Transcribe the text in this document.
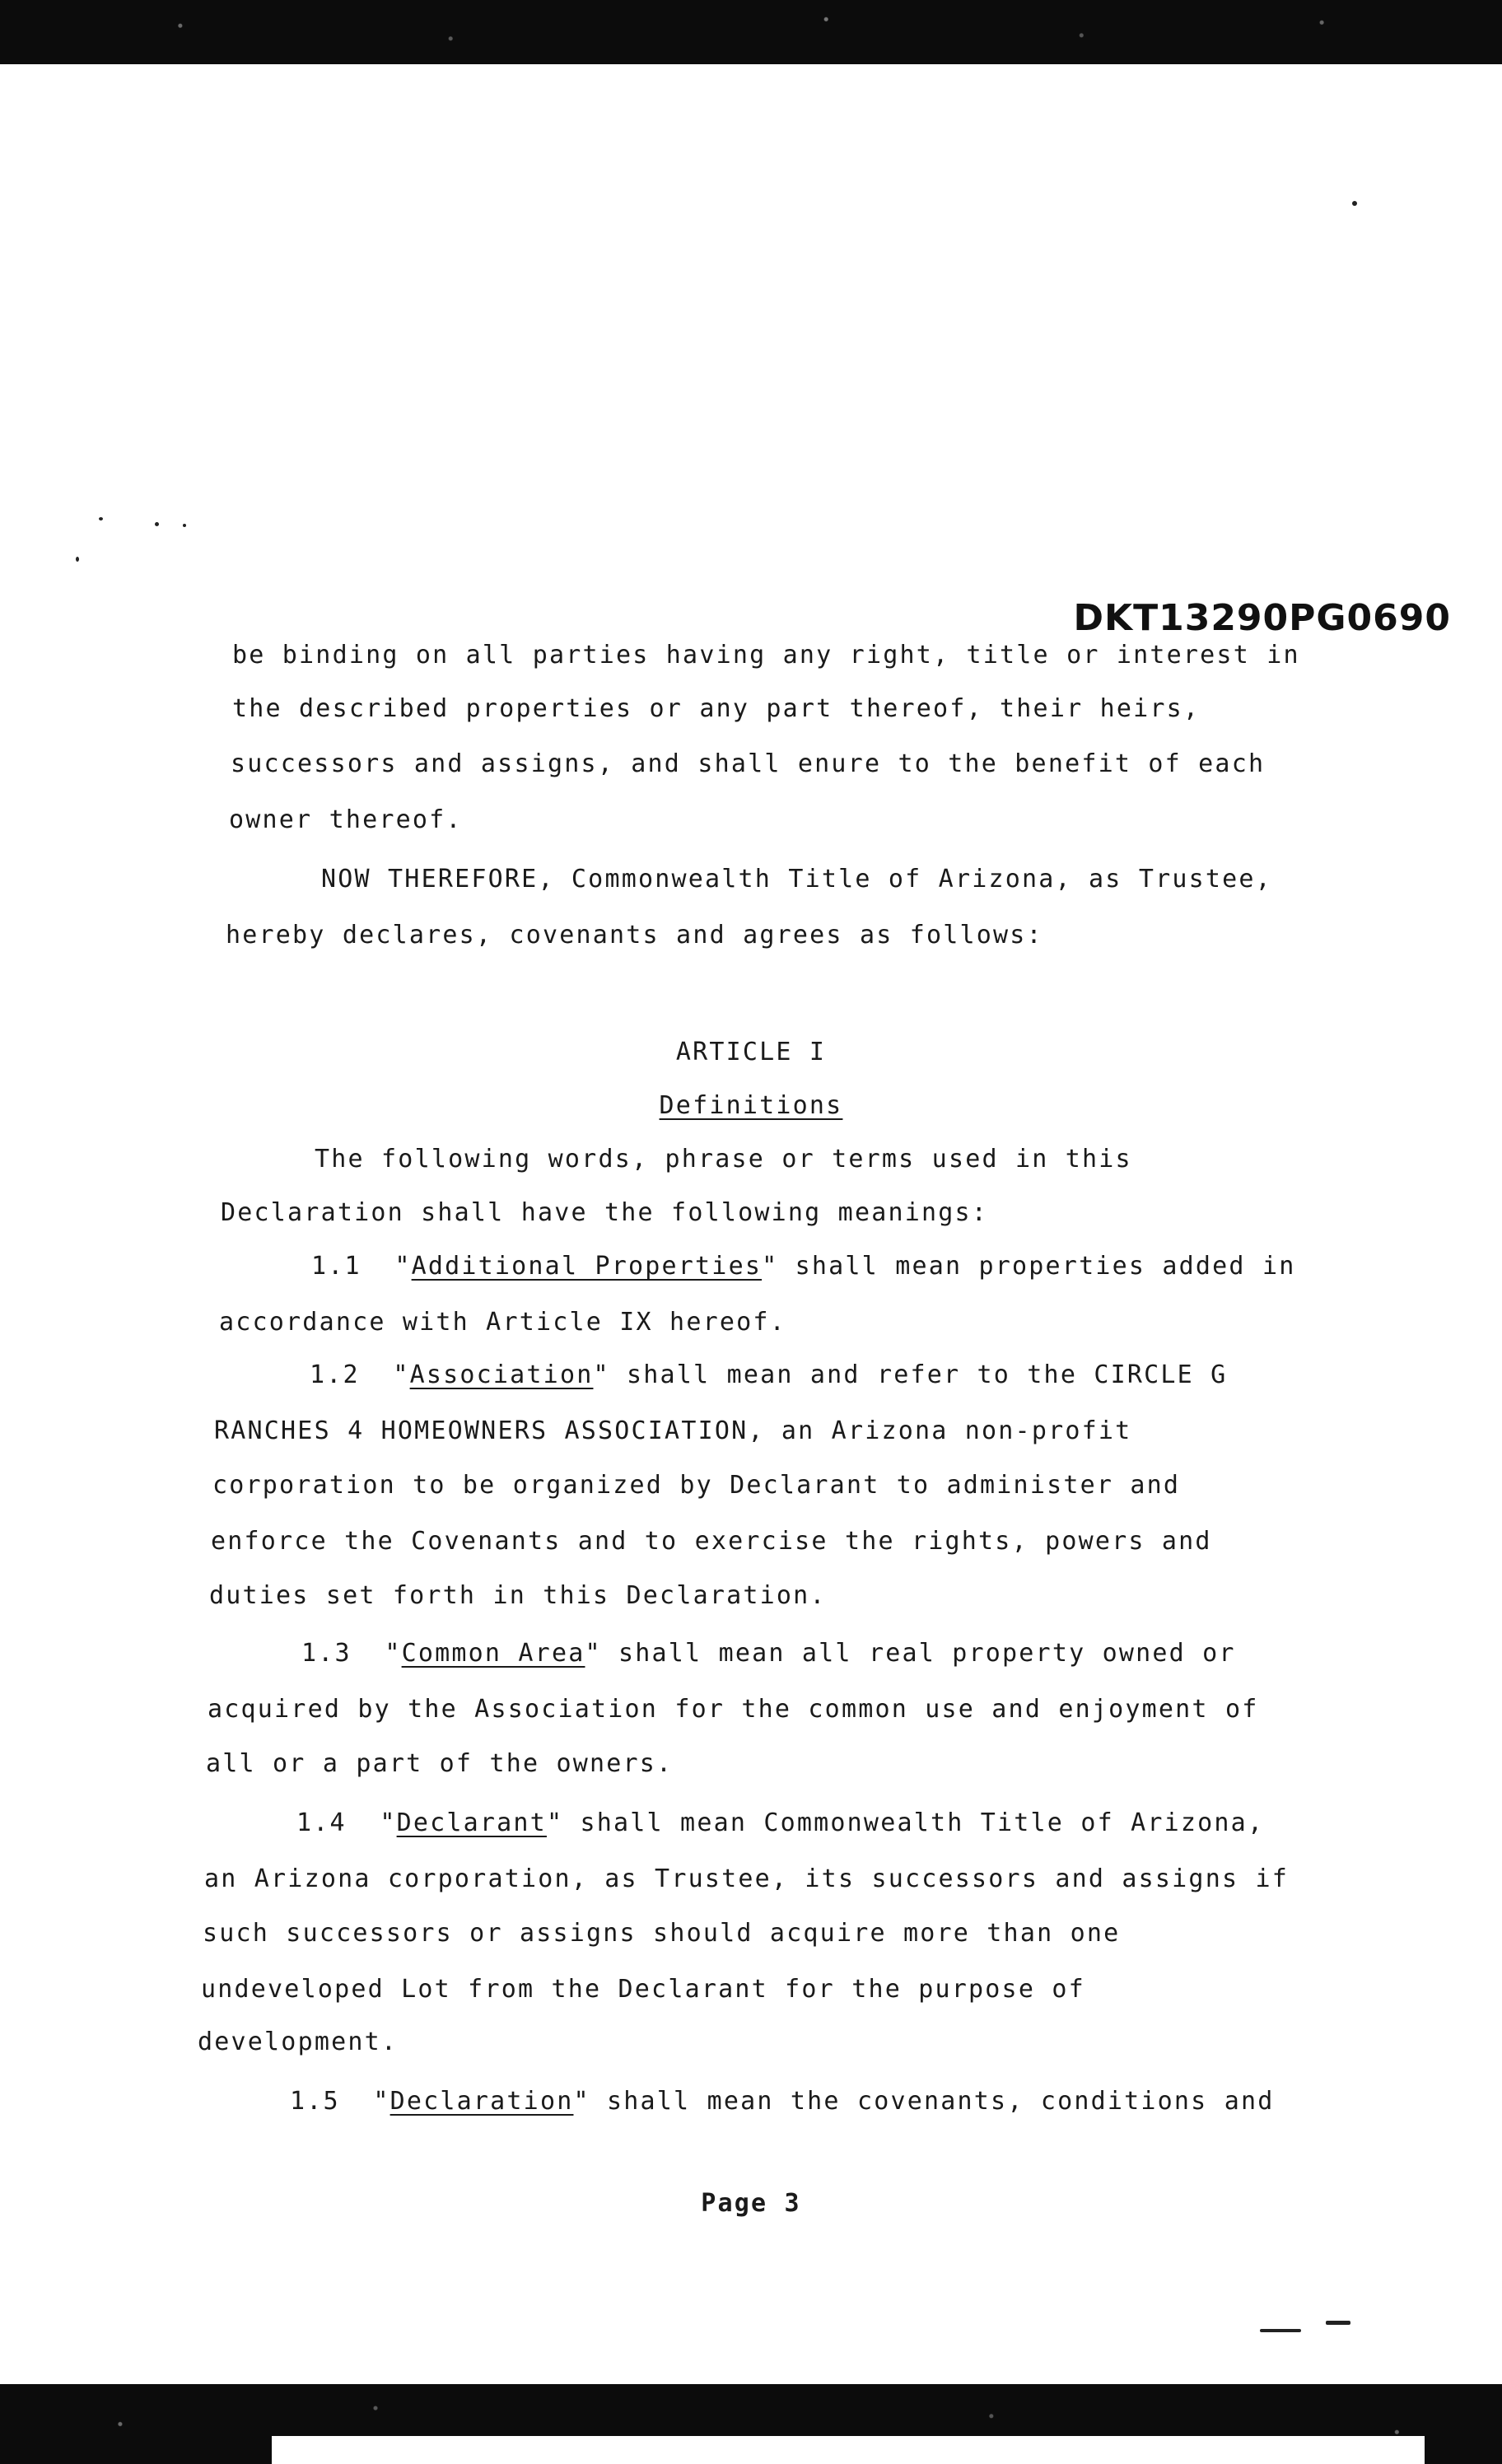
DKT13290PG0690
be binding on all parties having any right, title or interest in
the described properties or any part thereof, their heirs,
successors and assigns, and shall enure to the benefit of each
owner thereof.
NOW THEREFORE, Commonwealth Title of Arizona, as Trustee,
hereby declares, covenants and agrees as follows:
ARTICLE I
Definitions
The following words, phrase or terms used in this
Declaration shall have the following meanings:
1.1  "Additional Properties" shall mean properties added in
accordance with Article IX hereof.
1.2  "Association" shall mean and refer to the CIRCLE G
RANCHES 4 HOMEOWNERS ASSOCIATION, an Arizona non-profit
corporation to be organized by Declarant to administer and
enforce the Covenants and to exercise the rights, powers and
duties set forth in this Declaration.
1.3  "Common Area" shall mean all real property owned or
acquired by the Association for the common use and enjoyment of
all or a part of the owners.
1.4  "Declarant" shall mean Commonwealth Title of Arizona,
an Arizona corporation, as Trustee, its successors and assigns if
such successors or assigns should acquire more than one
undeveloped Lot from the Declarant for the purpose of
development.
1.5  "Declaration" shall mean the covenants, conditions and
Page 3
